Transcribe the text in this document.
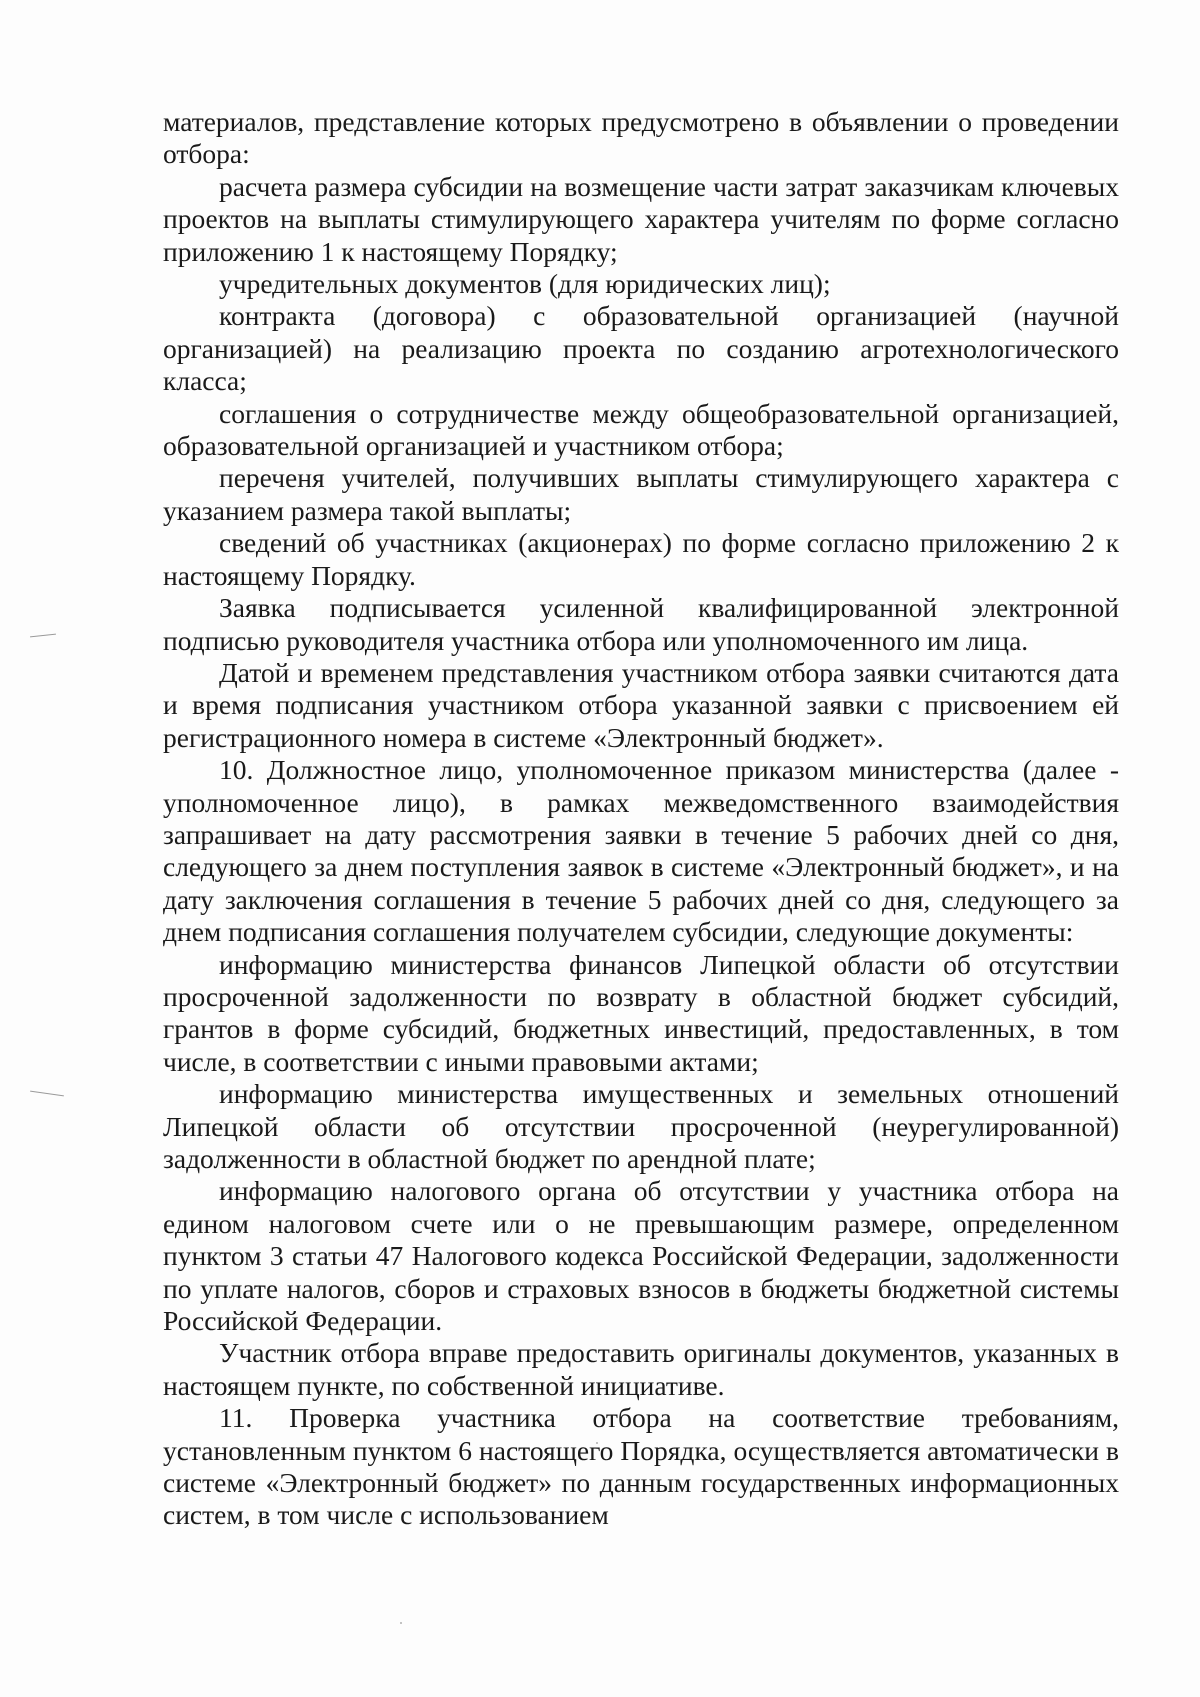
материалов, представление которых предусмотрено в объявлении о проведении отбора:

расчета размера субсидии на возмещение части затрат заказчикам ключевых проектов на выплаты стимулирующего характера учителям по форме согласно приложению 1 к настоящему Порядку;

учредительных документов (для юридических лиц);

контракта (договора) с образовательной организацией (научной организацией) на реализацию проекта по созданию агротехнологического класса;

соглашения о сотрудничестве между общеобразовательной организацией, образовательной организацией и участником отбора;

переченя учителей, получивших выплаты стимулирующего характера с указанием размера такой выплаты;

сведений об участниках (акционерах) по форме согласно приложению 2 к настоящему Порядку.

Заявка подписывается усиленной квалифицированной электронной подписью руководителя участника отбора или уполномоченного им лица.

Датой и временем представления участником отбора заявки считаются дата и время подписания участником отбора указанной заявки с присвоением ей регистрационного номера в системе «Электронный бюджет».

10. Должностное лицо, уполномоченное приказом министерства (далее - уполномоченное лицо), в рамках межведомственного взаимодействия запрашивает на дату рассмотрения заявки в течение 5 рабочих дней со дня, следующего за днем поступления заявок в системе «Электронный бюджет», и на дату заключения соглашения в течение 5 рабочих дней со дня, следующего за днем подписания соглашения получателем субсидии, следующие документы:

информацию министерства финансов Липецкой области об отсутствии просроченной задолженности по возврату в областной бюджет субсидий, грантов в форме субсидий, бюджетных инвестиций, предоставленных, в том числе, в соответствии с иными правовыми актами;

информацию министерства имущественных и земельных отношений Липецкой области об отсутствии просроченной (неурегулированной) задолженности в областной бюджет по арендной плате;

информацию налогового органа об отсутствии у участника отбора на едином налоговом счете или о не превышающим размере, определенном пунктом 3 статьи 47 Налогового кодекса Российской Федерации, задолженности по уплате налогов, сборов и страховых взносов в бюджеты бюджетной системы Российской Федерации.

Участник отбора вправе предоставить оригиналы документов, указанных в настоящем пункте, по собственной инициативе.

11. Проверка участника отбора на соответствие требованиям, установленным пунктом 6 настоящего Порядка, осуществляется автоматически в системе «Электронный бюджет» по данным государственных информационных систем, в том числе с использованием
